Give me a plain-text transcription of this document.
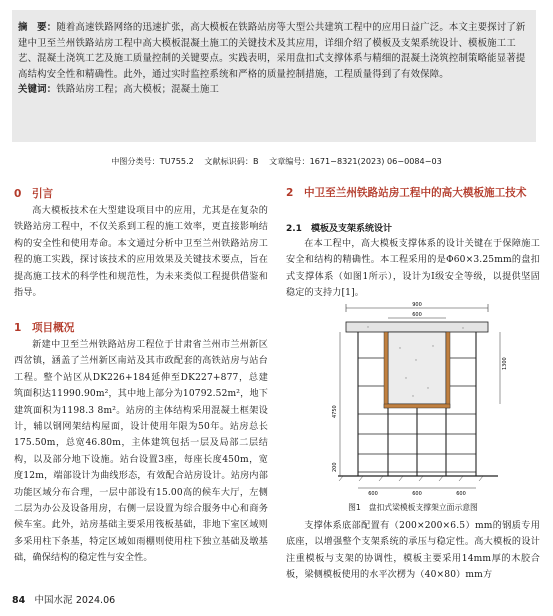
摘　要：随着高速铁路网络的迅速扩张，高大模板在铁路站房等大型公共建筑工程中的应用日益广泛。本文主要探讨了新建中卫至兰州铁路站房工程中高大模板混凝土施工的关键技术及其应用，详细介绍了模板及支架系统设计、模板施工工艺、混凝土浇筑工艺及施工质量控制的关键要点。实践表明，采用盘扣式支撑体系与精细的混凝土浇筑控制策略能显著提高结构安全性和精确性。此外，通过实时监控系统和严格的质量控制措施，工程质量得到了有效保障。

关键词：铁路站房工程；高大模板；混凝土施工

中图分类号：TU755.2 文献标识码：B 文章编号：1671−8321(2023) 06−0084−03
0　引言

高大模板技术在大型建设项目中的应用，尤其是在复杂的铁路站房工程中，不仅关系到工程的施工效率，更直接影响结构的安全性和使用寿命。本文通过分析中卫至兰州铁路站房工程的施工实践，探讨该技术的应用效果及关键技术要点，旨在提高施工技术的科学性和规范性，为未来类似工程提供借鉴和指导。

1　项目概况

新建中卫至兰州铁路站房工程位于甘肃省兰州市兰州新区西岔镇，涵盖了兰州新区南站及其市政配套的高铁站房与站台工程。整个站区从DK226+184延伸至DK227+877，总建筑面积达11990.90m²，其中地上部分为10792.52m²，地下建筑面积为1198.3 8m²。站房的主体结构采用混凝土框架设计，辅以钢网架结构屋面，设计使用年限为50年。站房总长175.50m，总宽46.80m，主体建筑包括一层及局部二层结构，以及部分地下设施。站台设置3座，每座长度450m，宽度12m，端部设计为曲线形态，有效配合站房设计。站房内部功能区域分布合理，一层中部设有15.00高的候车大厅，左侧二层为办公及设备用房，右侧一层设置为综合服务中心和商务候车室。此外，站房基础主要采用筏板基础，非地下室区域则多采用柱下条基，特定区域如雨棚则使用柱下独立基础及墩基础，确保结构的稳定性与安全性。

2　中卫至兰州铁路站房工程中的高大模板施工技术
2.1　模板及支架系统设计

在本工程中，高大模板支撑体系的设计关键在于保障施工安全和结构的精确性。本工程采用的是Φ60×3.25mm的盘扣式支撑体系（如图1所示），设计为Ⅰ级安全等级，以提供坚固稳定的支持力[1]。

900
600
1300
4750
200
600	600	600
图1　盘扣式梁模板支撑架立面示意图

支撑体系底部配置有（200×200×6.5）mm的钢质专用底座，以增强整个支架系统的承压与稳定性。高大模板的设计注重模板与支架的协调性，模板主要采用14mm厚的木胶合板，梁侧模板使用的水平次楞为（40×80）mm方

84 中国水泥 2024.06
